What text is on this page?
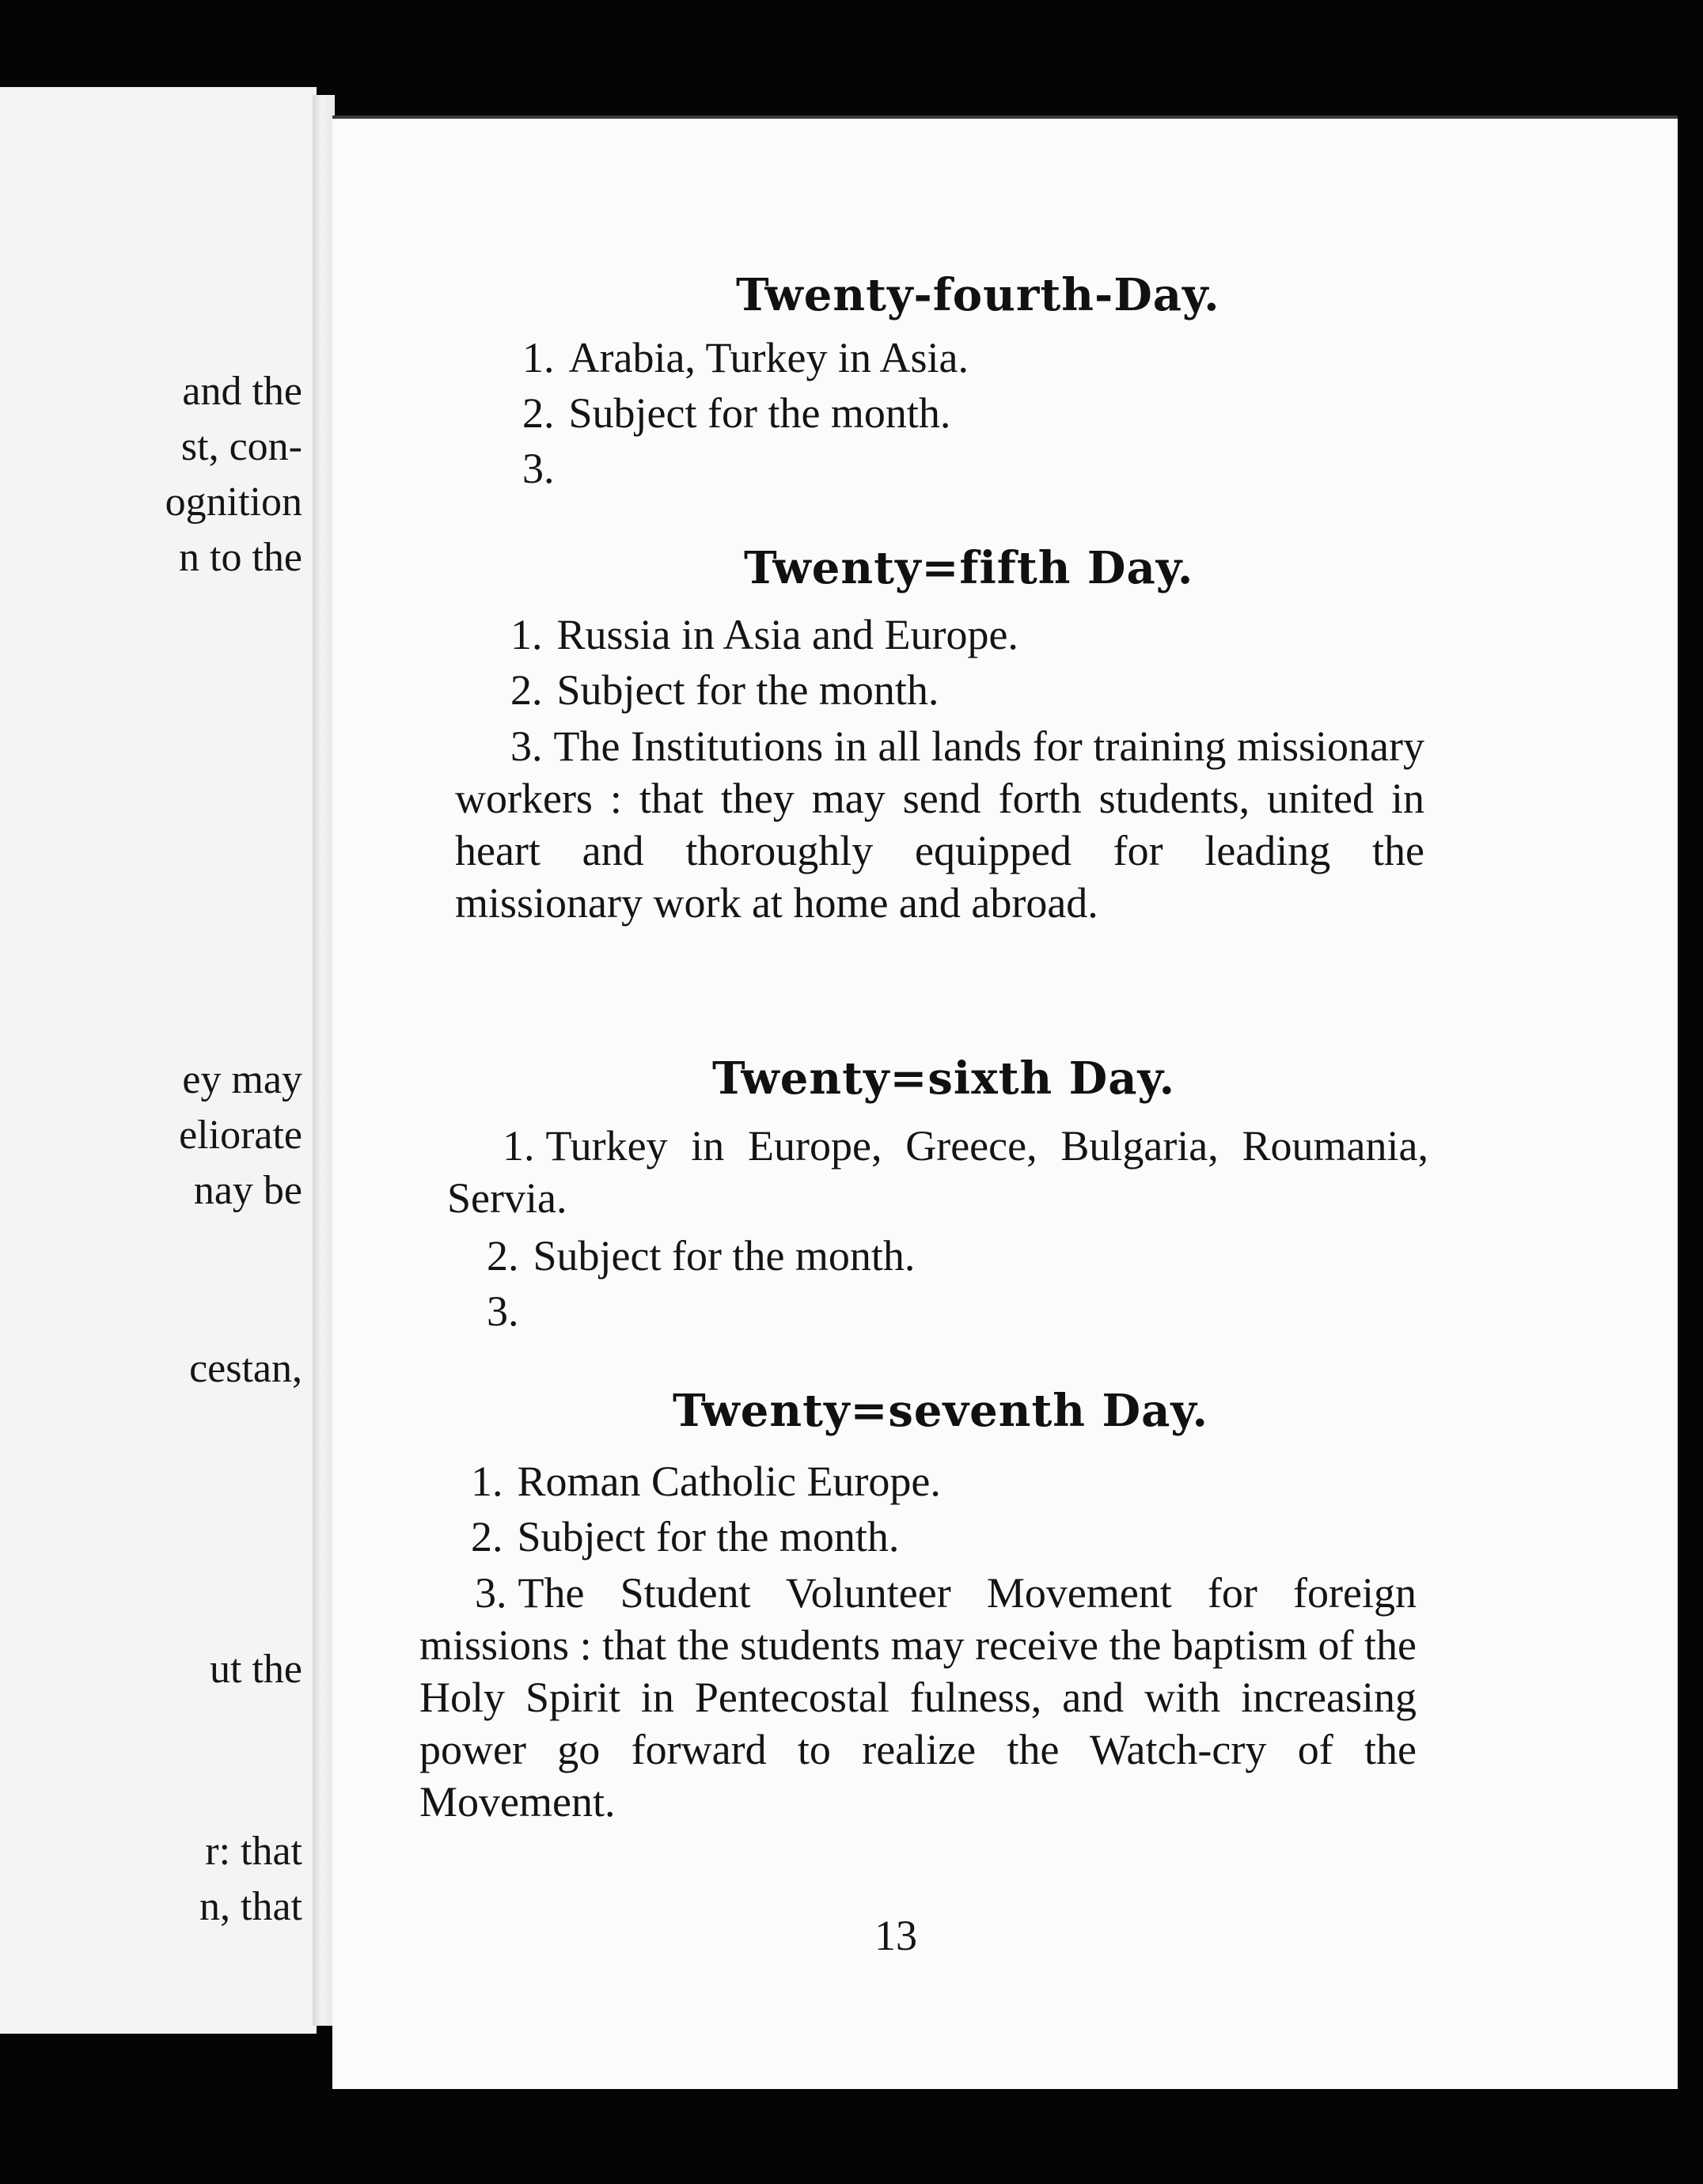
and the
st, con-
ognition
n to the
ey may
eliorate
nay be
cestan,
ut the
r: that
n, that
Twenty-fourth-Day.
1. Arabia, Turkey in Asia.
2. Subject for the month.
3.
Twenty=fifth Day.
1. Russia in Asia and Europe.
2. Subject for the month.
3. The Institutions in all lands for training missionary workers : that they may send forth students, united in heart and thoroughly equipped for leading the missionary work at home and abroad.
Twenty=sixth Day.
1. Turkey in Europe, Greece, Bulgaria, Roumania, Servia.
2. Subject for the month.
3.
Twenty=seventh Day.
1. Roman Catholic Europe.
2. Subject for the month.
3. The Student Volunteer Movement for foreign missions : that the students may receive the baptism of the Holy Spirit in Pentecostal fulness, and with increasing power go forward to realize the Watch-cry of the Movement.
13
